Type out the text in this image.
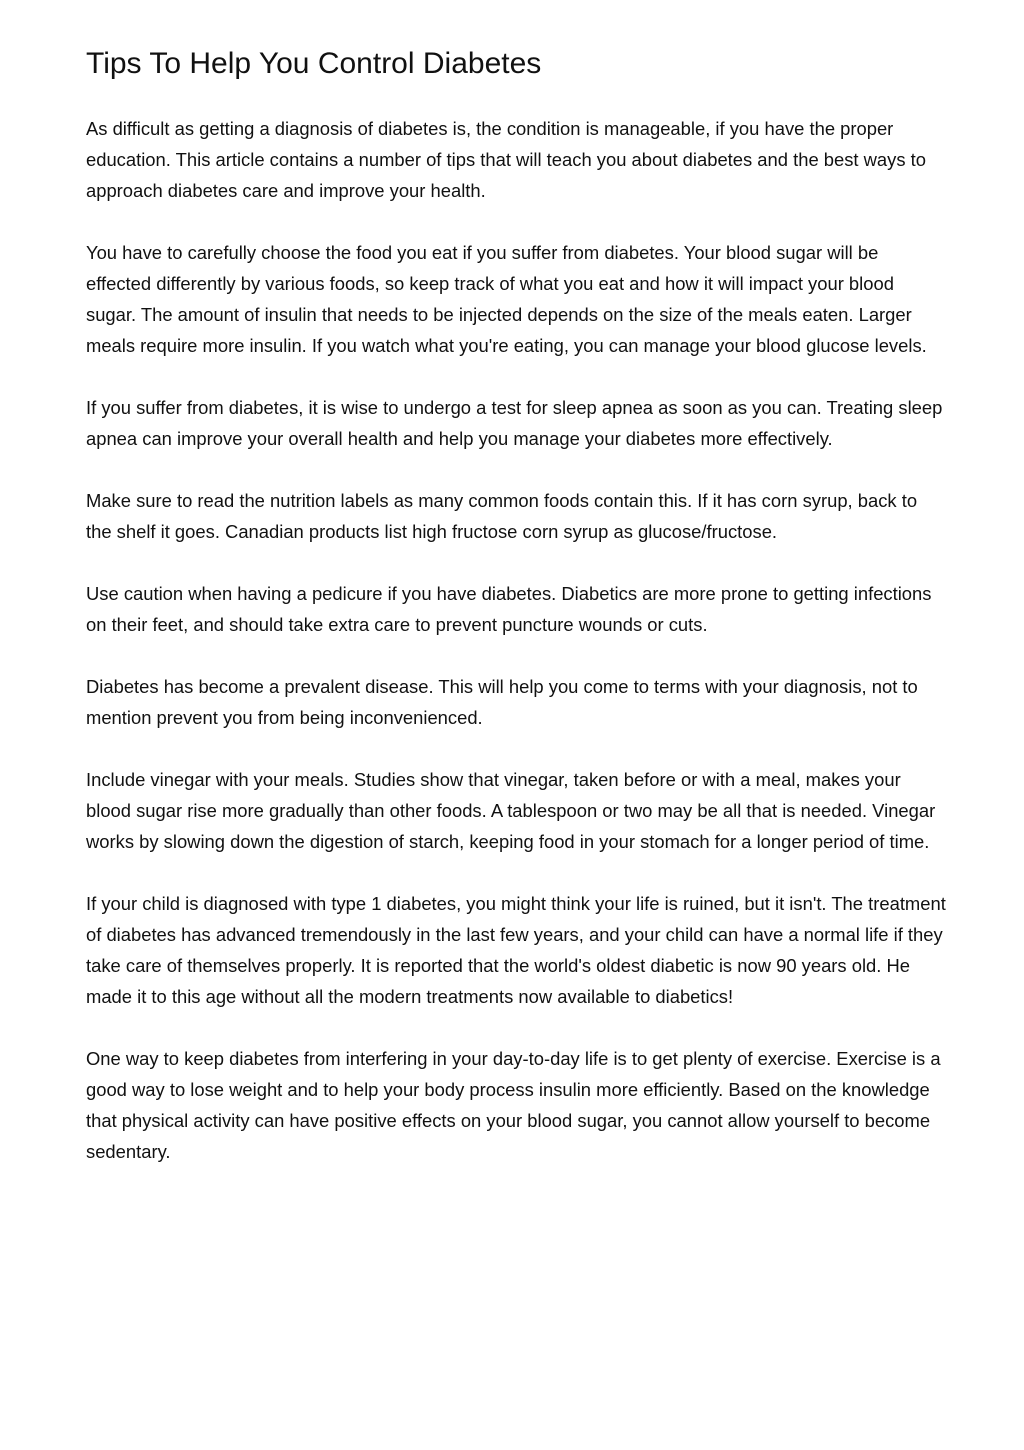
Tips To Help You Control Diabetes

As difficult as getting a diagnosis of diabetes is, the condition is manageable, if you have the proper education. This article contains a number of tips that will teach you about diabetes and the best ways to approach diabetes care and improve your health.

You have to carefully choose the food you eat if you suffer from diabetes. Your blood sugar will be effected differently by various foods, so keep track of what you eat and how it will impact your blood sugar. The amount of insulin that needs to be injected depends on the size of the meals eaten. Larger meals require more insulin. If you watch what you're eating, you can manage your blood glucose levels.

If you suffer from diabetes, it is wise to undergo a test for sleep apnea as soon as you can. Treating sleep apnea can improve your overall health and help you manage your diabetes more effectively.

Make sure to read the nutrition labels as many common foods contain this. If it has corn syrup, back to the shelf it goes. Canadian products list high fructose corn syrup as glucose/fructose.

Use caution when having a pedicure if you have diabetes. Diabetics are more prone to getting infections on their feet, and should take extra care to prevent puncture wounds or cuts.

Diabetes has become a prevalent disease. This will help you come to terms with your diagnosis, not to mention prevent you from being inconvenienced.

Include vinegar with your meals. Studies show that vinegar, taken before or with a meal, makes your blood sugar rise more gradually than other foods. A tablespoon or two may be all that is needed. Vinegar works by slowing down the digestion of starch, keeping food in your stomach for a longer period of time.

If your child is diagnosed with type 1 diabetes, you might think your life is ruined, but it isn't. The treatment of diabetes has advanced tremendously in the last few years, and your child can have a normal life if they take care of themselves properly. It is reported that the world's oldest diabetic is now 90 years old. He made it to this age without all the modern treatments now available to diabetics!

One way to keep diabetes from interfering in your day-to-day life is to get plenty of exercise. Exercise is a good way to lose weight and to help your body process insulin more efficiently. Based on the knowledge that physical activity can have positive effects on your blood sugar, you cannot allow yourself to become sedentary.
